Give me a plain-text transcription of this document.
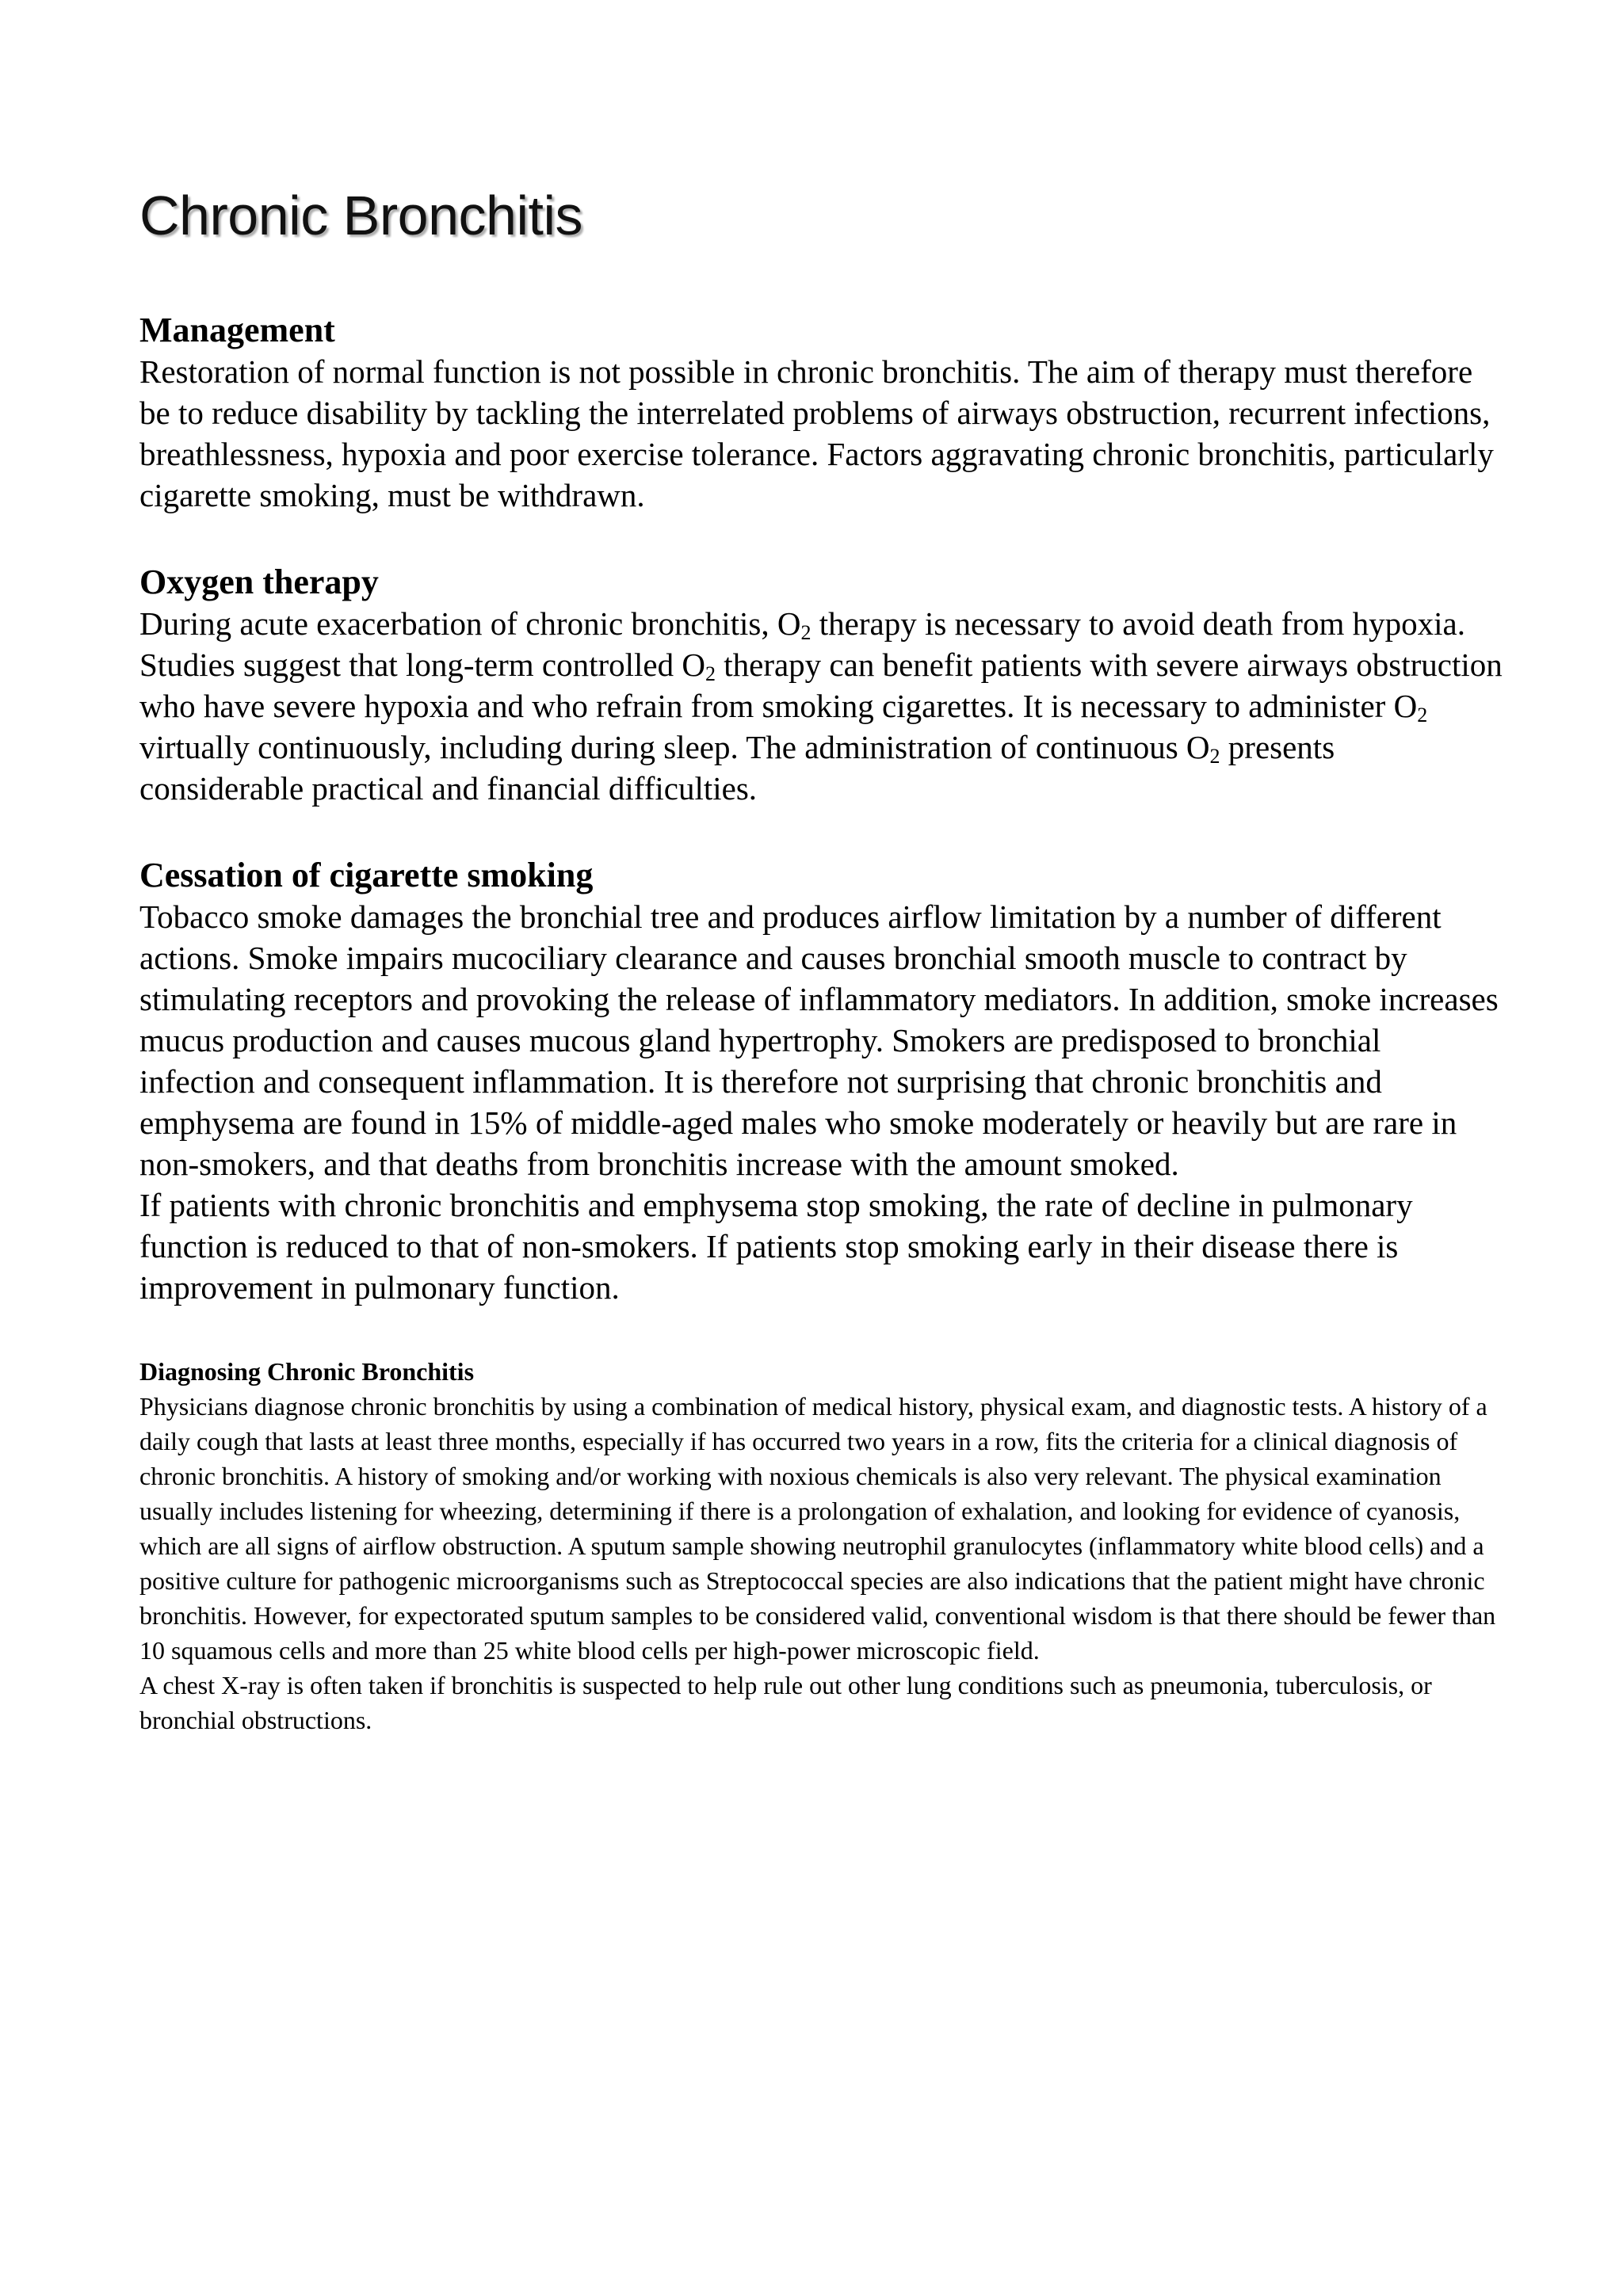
Chronic Bronchitis
Management

Restoration of normal function is not possible in chronic bronchitis. The aim of therapy must therefore be to reduce disability by tackling the interrelated problems of airways obstruction, recurrent infections, breathlessness, hypoxia and poor exercise tolerance. Factors aggravating chronic bronchitis, particularly cigarette smoking, must be withdrawn.

Oxygen therapy

During acute exacerbation of chronic bronchitis, $O_2$ therapy is necessary to avoid death from hypoxia. Studies suggest that long-term controlled $O_2$ therapy can benefit patients with severe airways obstruction who have severe hypoxia and who refrain from smoking cigarettes. It is necessary to administer $O_2$ virtually continuously, including during sleep. The administration of continuous $O_2$ presents considerable practical and financial difficulties.

Cessation of cigarette smoking

Tobacco smoke damages the bronchial tree and produces airflow limitation by a number of different actions. Smoke impairs mucociliary clearance and causes bronchial smooth muscle to contract by stimulating receptors and provoking the release of inflammatory mediators. In addition, smoke increases mucus production and causes mucous gland hypertrophy. Smokers are predisposed to bronchial infection and consequent inflammation. It is therefore not surprising that chronic bronchitis and emphysema are found in 15% of middle-aged males who smoke moderately or heavily but are rare in non-smokers, and that deaths from bronchitis increase with the amount smoked.

If patients with chronic bronchitis and emphysema stop smoking, the rate of decline in pulmonary function is reduced to that of non-smokers. If patients stop smoking early in their disease there is improvement in pulmonary function.

Diagnosing Chronic Bronchitis

Physicians diagnose chronic bronchitis by using a combination of medical history, physical exam, and diagnostic tests. A history of a daily cough that lasts at least three months, especially if has occurred two years in a row, fits the criteria for a clinical diagnosis of chronic bronchitis. A history of smoking and/or working with noxious chemicals is also very relevant. The physical examination usually includes listening for wheezing, determining if there is a prolongation of exhalation, and looking for evidence of cyanosis, which are all signs of airflow obstruction. A sputum sample showing neutrophil granulocytes (inflammatory white blood cells) and a positive culture for pathogenic microorganisms such as Streptococcal species are also indications that the patient might have chronic bronchitis. However, for expectorated sputum samples to be considered valid, conventional wisdom is that there should be fewer than 10 squamous cells and more than 25 white blood cells per high-power microscopic field.

A chest X-ray is often taken if bronchitis is suspected to help rule out other lung conditions such as pneumonia, tuberculosis, or bronchial obstructions.
